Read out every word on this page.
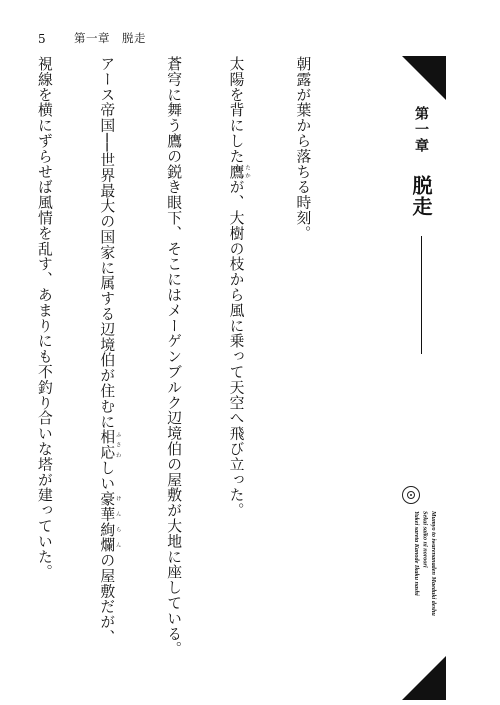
5 第一章　脱走

朝露が葉から落ちる時刻。

太陽を背にした鷹 たかが、大樹の枝から風に乗って天空へ飛び立った。

蒼穹に舞う鷹の鋭き眼下、そこにはメーゲンブルク辺境伯の屋敷が大地に座している。

アース帝国──世界最大の国家に属する辺境伯が住むに相応 ふさわしい豪華絢爛 けんらんの屋敷だが、

視線を横にずらせば風情を乱す、あまりにも不釣り合いな塔が建っていた。

	第一章 脱走
Mumyo to iwarenanaden Maeduki deshu
Sekai saiko ni noroori
Yukei sareta Kanode Ikaku nashi
